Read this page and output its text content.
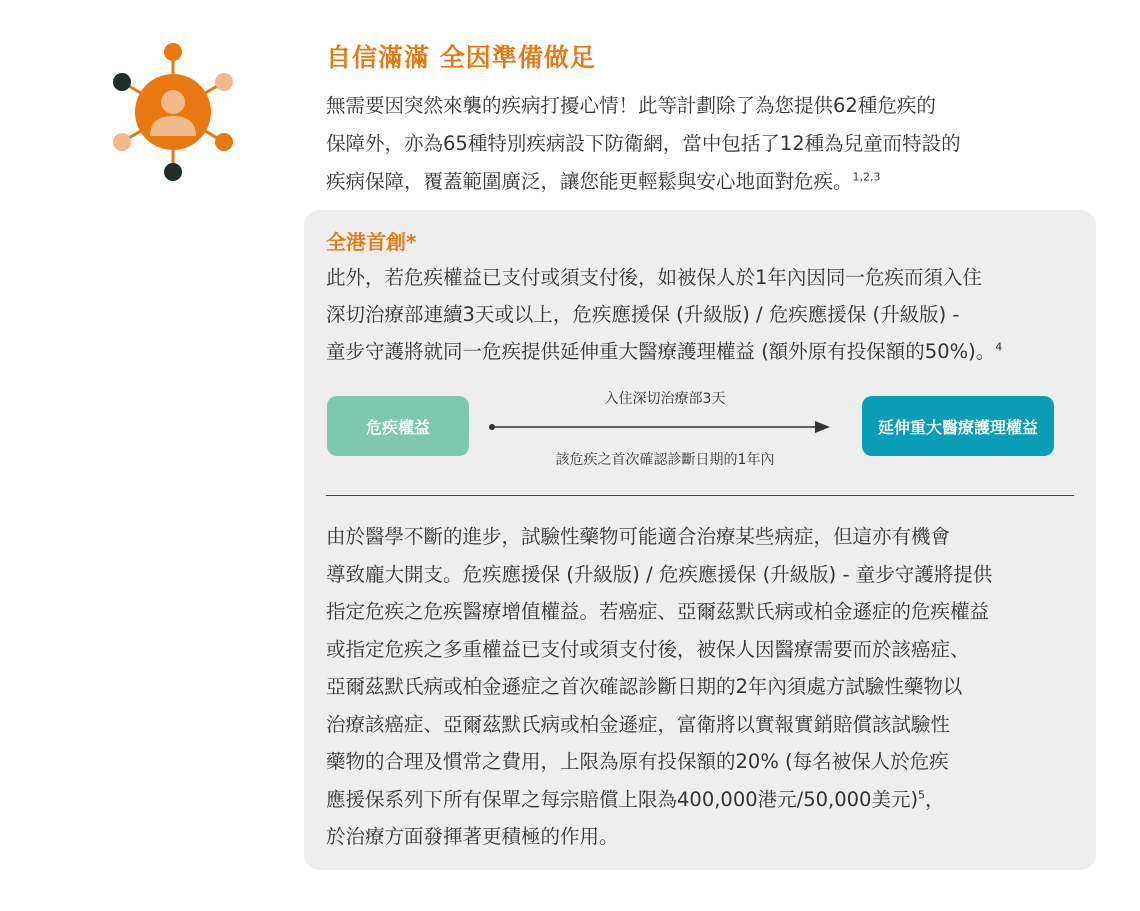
自信滿滿 全因準備做足
無需要因突然來襲的疾病打擾心情！此等計劃除了為您提供62種危疾的
保障外，亦為65種特別疾病設下防衛網，當中包括了12種為兒童而特設的
疾病保障，覆蓋範圍廣泛，讓您能更輕鬆與安心地面對危疾。$^{1,2,3}$
全港首創*
此外，若危疾權益已支付或須支付後，如被保人於1年內因同一危疾而須入住
深切治療部連續3天或以上，危疾應援保 (升級版) / 危疾應援保 (升級版) -
童步守護將就同一危疾提供延伸重大醫療護理權益 (額外原有投保額的50%)。$^4$
危疾權益
入住深切治療部3天
該危疾之首次確認診斷日期的1年內
延伸重大醫療護理權益
由於醫學不斷的進步，試驗性藥物可能適合治療某些病症，但這亦有機會
導致龐大開支。危疾應援保 (升級版) / 危疾應援保 (升級版) - 童步守護將提供
指定危疾之危疾醫療增值權益。若癌症、亞爾茲默氏病或柏金遜症的危疾權益
或指定危疾之多重權益已支付或須支付後，被保人因醫療需要而於該癌症、
亞爾茲默氏病或柏金遜症之首次確認診斷日期的2年內須處方試驗性藥物以
治療該癌症、亞爾茲默氏病或柏金遜症，富衛將以實報實銷賠償該試驗性
藥物的合理及慣常之費用，上限為原有投保額的20% (每名被保人於危疾
應援保系列下所有保單之每宗賠償上限為400,000港元/50,000美元)$^5$，
於治療方面發揮著更積極的作用。
